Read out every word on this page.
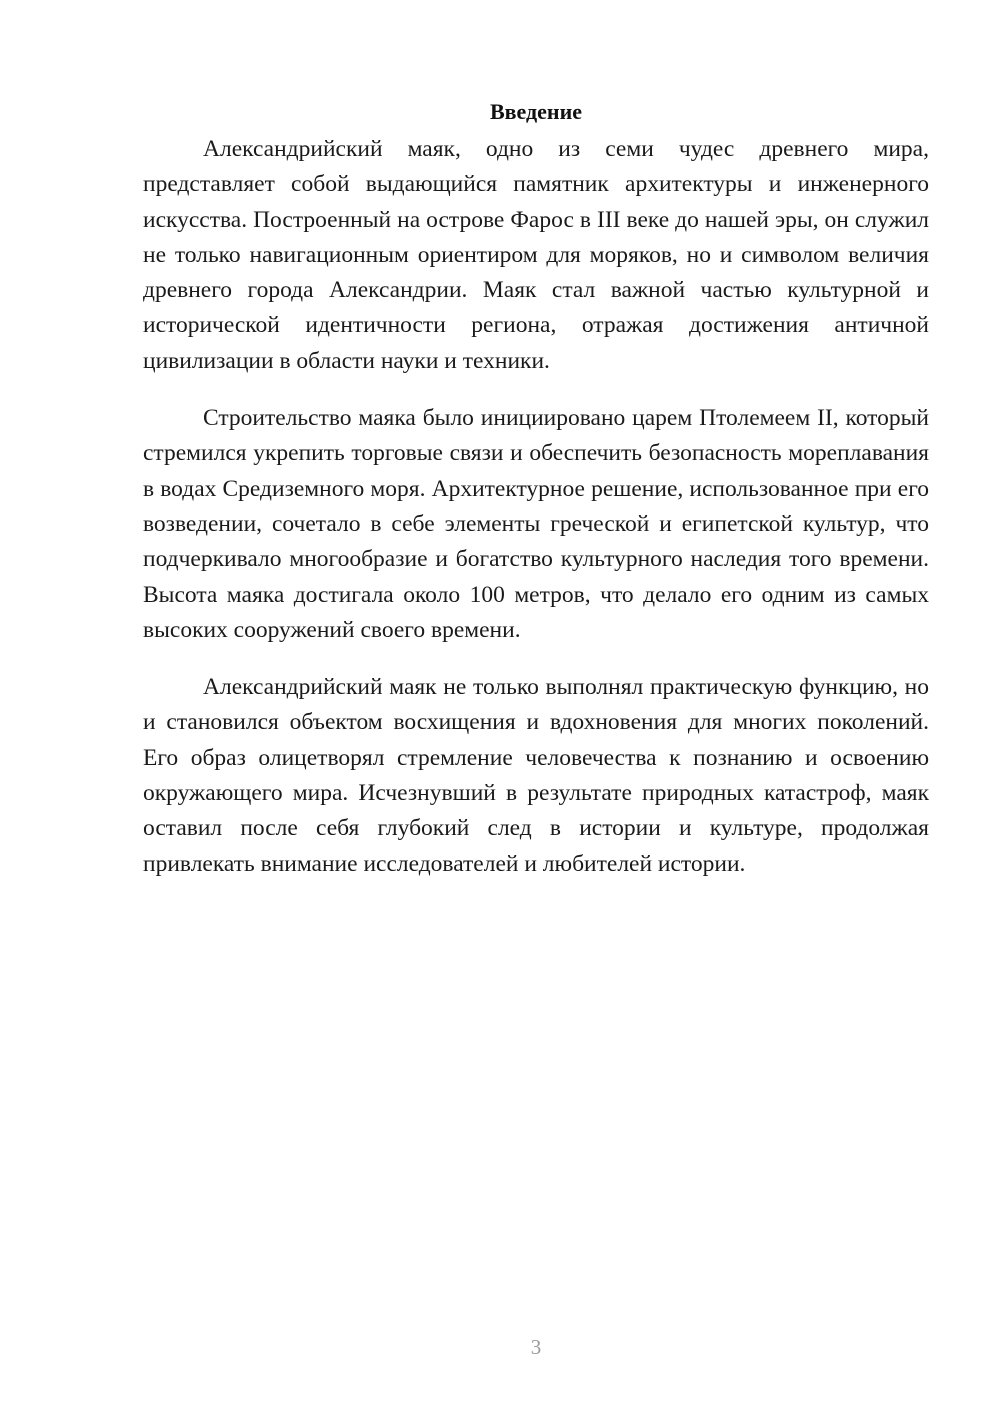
Введение

Александрийский маяк, одно из семи чудес древнего мира, представляет собой выдающийся памятник архитектуры и инженерного искусства. Построенный на острове Фарос в III веке до нашей эры, он служил не только навигационным ориентиром для моряков, но и символом величия древнего города Александрии. Маяк стал важной частью культурной и исторической идентичности региона, отражая достижения античной цивилизации в области науки и техники.

Строительство маяка было инициировано царем Птолемеем II, который стремился укрепить торговые связи и обеспечить безопасность мореплавания в водах Средиземного моря. Архитектурное решение, использованное при его возведении, сочетало в себе элементы греческой и египетской культур, что подчеркивало многообразие и богатство культурного наследия того времени. Высота маяка достигала около 100 метров, что делало его одним из самых высоких сооружений своего времени.

Александрийский маяк не только выполнял практическую функцию, но и становился объектом восхищения и вдохновения для многих поколений. Его образ олицетворял стремление человечества к познанию и освоению окружающего мира. Исчезнувший в результате природных катастроф, маяк оставил после себя глубокий след в истории и культуре, продолжая привлекать внимание исследователей и любителей истории.

3
